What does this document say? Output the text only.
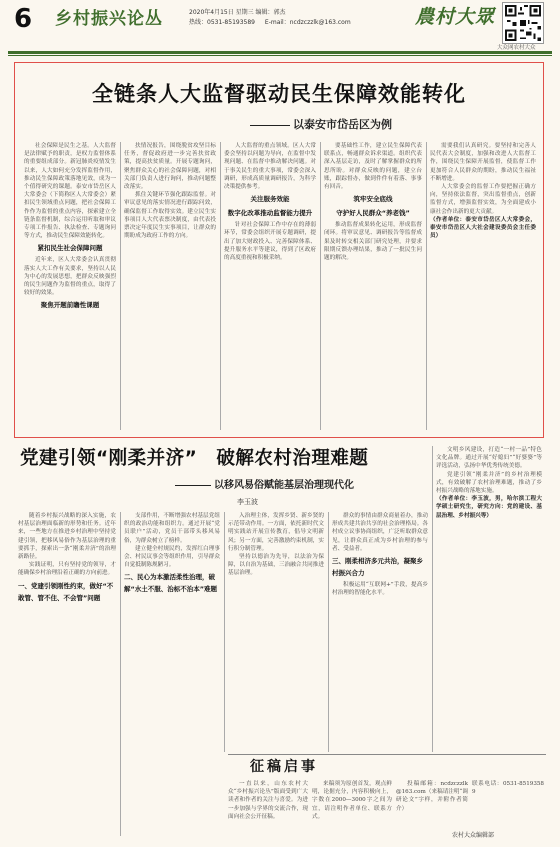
6 乡村振兴论丛	2020年4月15日 星期三 编辑：郭杰
热线：0531-85193589 E-mail：ncdzczzlk@163.com	農村大眾
大众网农村大众
全链条人大监督驱动民生保障效能转化
以泰安市岱岳区为例

社会保障是民生之基。人大监督是法律赋予的职责，是权力监督体系的重要组成部分。新冠肺炎疫情发生以来，人大如何充分发挥监督作用，推动民生保障政策落地见效，成为一个值得研究的课题。泰安市岱岳区人大常委会（下简称区人大常委会）紧扣民生领域重点问题，把社会保障工作作为监督的重点内容，探索建立全链条监督机制，综合运用听取和审议专项工作报告、执法检查、专题询问等方式，推动民生保障效能转化。

紧扣民生社会保障问题

近年来，区人大常委会认真贯彻落实人大工作有关要求，坚持以人民为中心的发展思想，把群众反映强烈的民生问题作为监督的重点，取得了较好的效果。

聚焦开题前瞻性课题

扶情况报告，围绕脱贫攻坚目标任务，督促政府进一步完善扶贫政策，提高扶贫质量。开展专题询问，聚焦群众关心的社会保障问题，对相关部门负责人进行询问，推动问题整改落实。

抓住关键环节强化跟踪监督。对审议意见的落实情况进行跟踪问效，确保监督工作取得实效。建立民生实事项目人大代表票决制度，由代表投票决定年度民生实事项目，让群众的期盼成为政府工作的方向。

人大监督的重点领域。区人大常委会坚持以问题为导向，在监督中发现问题、在监督中推动解决问题。对于事关民生的重大事项，常委会深入调研，形成高质量调研报告，为科学决策提供参考。

关注服务效能
数字化改革推动监督能力提升

针对社会保障工作中存在的薄弱环节，常委会组织开展专题调研，提出了加大财政投入、完善保障体系、提升服务水平等建议，得到了区政府的高度重视和积极采纳。

要基础性工作，建立民生保障代表联系点，畅通群众诉求渠道。组织代表深入基层走访，及时了解掌握群众的所思所盼。对群众反映的问题，建立台账，跟踪督办，做到件件有着落、事事有回音。

筑牢安全底线
守护好人民群众“养老钱”

推动监督成果转化运用，形成监督闭环。将审议意见、调研报告等监督成果及时转交相关部门研究处理，并要求限期反馈办理结果，推动了一批民生问题的解决。

需要我们认真研究。要坚持和完善人民代表大会制度，加强和改进人大监督工作，围绕民生保障开展监督，使监督工作更加符合人民群众的期盼，推动民生福祉不断增进。

人大常委会的监督工作要把握正确方向，坚持依法监督，突出监督重点，创新监督方式，增强监督实效，为全面建成小康社会作出新的更大贡献。

（作者单位：泰安市岱岳区人大常委会，泰安市岱岳区人大社会建设委员会主任委员）

党建引领“刚柔并济”　破解农村治理难题
以移风易俗赋能基层治理现代化
李玉波

随着乡村振兴战略的深入实施，农村基层治理面临新的形势和任务。近年来，一些地方在推进乡村治理中坚持党建引领，把移风易俗作为基层治理的重要抓手，探索出一条“刚柔并济”的治理新路径。

实践证明，只有坚持党的领导，才能确保乡村治理沿着正确的方向前进。

一、党建引领刚性约束，做好“不敢管、管不住、不会管”问题

支部作用，不断增强农村基层党组织的政治功能和组织力。通过开展“党员联户”活动，党员干部带头移风易俗，为群众树立了榜样。

建立健全村规民约，发挥红白理事会、村民议事会等组织作用，引导群众自觉抵制陈规陋习。

二、民心为本激活柔性治理，破解“水土不服、治标不治本”难题

入治理主体，发挥乡贤、新乡贤的示范带动作用。一方面，依托新时代文明实践站开展宣传教育，倡导文明新风；另一方面，完善激励约束机制，实行积分制管理。

坚持以德治为先导，以法治为保障，以自治为基础，三治融合共同推进基层治理。

群众的事情由群众商量着办，推动形成共建共治共享的社会治理格局。各村成立议事协商组织，广泛听取群众意见，让群众真正成为乡村治理的参与者、受益者。

三、刚柔相济多元共治，凝聚乡村振兴合力

积极运用“互联网+”手段，提高乡村治理的智能化水平。

文明乡风建设，打造“一村一品”特色文化品牌。通过开展“好媳妇”“好婆婆”等评选活动，弘扬中华优秀传统美德。

党建引领“刚柔并济”的乡村治理模式，有效破解了农村治理难题，推动了乡村振兴战略的落地实施。

（作者单位：李玉波，男，哈尔滨工程大学硕士研究生，研究方向：党的建设、基层治理、乡村振兴等）

征稿启事

一直以来，山东农村大众“乡村振兴论丛”版面受到广大读者和作者的关注与喜爱。为进一步加强与学界的交流合作，现面向社会公开征稿。

来稿须为原创首发，观点鲜明，论据充分，内容积极向上，字数在2000—3000字之间为宜，请注明作者单位、联系方式。

投稿邮箱：ncdzczzlk@163.com（来稿请注明“调研论文”字样，并附作者简介）

联系电话：0531-85193589

农村大众编辑部
